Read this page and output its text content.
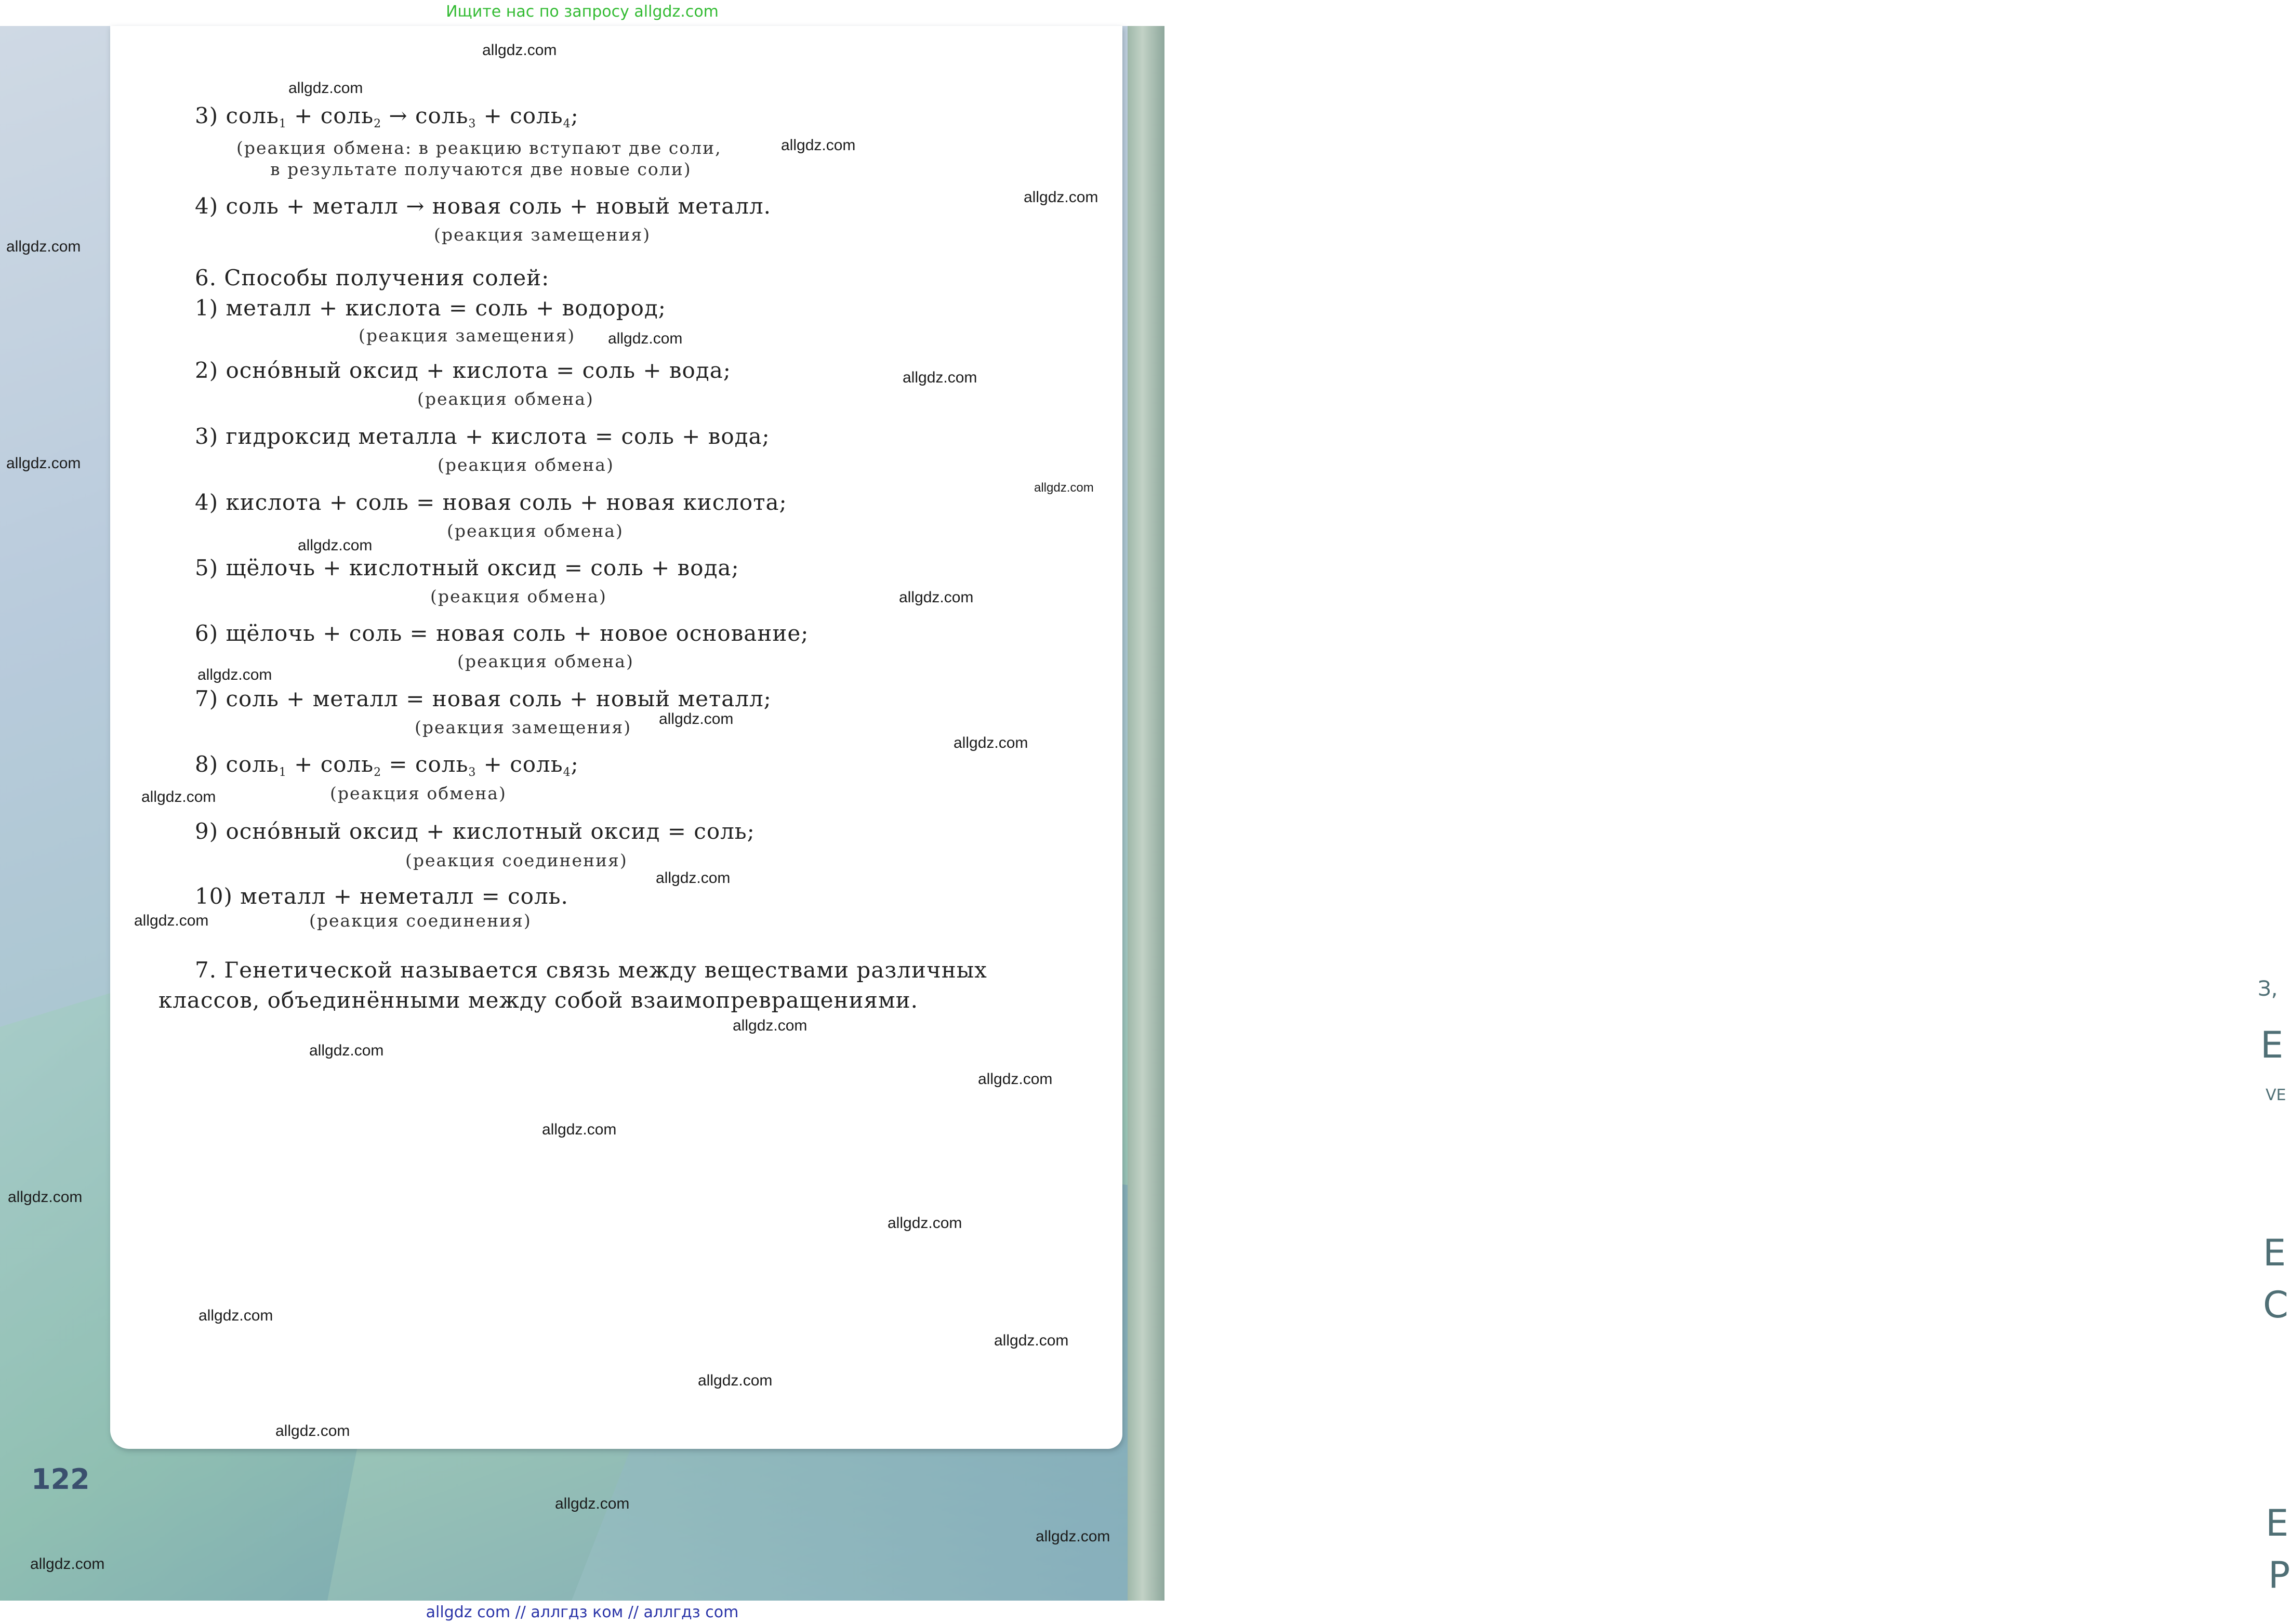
Ищите нас по запросу allgdz.com
З,
Е
VE
Е
С
Е
Р
3) соль$_1$ + соль$_2$ → соль$_3$ + соль$_4$;
(реакция обмена: в реакцию вступают две соли,
в результате получаются две новые соли)
4) соль + металл → новая соль + новый металл.
(реакция замещения)
6. Способы получения солей:
1) металл + кислота = соль + водород;
(реакция замещения)
2) осно́вный оксид + кислота = соль + вода;
(реакция обмена)
3) гидроксид металла + кислота = соль + вода;
(реакция обмена)
4) кислота + соль = новая соль + новая кислота;
(реакция обмена)
5) щёлочь + кислотный оксид = соль + вода;
(реакция обмена)
6) щёлочь + соль = новая соль + новое основание;
(реакция обмена)
7) соль + металл = новая соль + новый металл;
(реакция замещения)
8) соль$_1$ + соль$_2$ = соль$_3$ + соль$_4$;
(реакция обмена)
9) осно́вный оксид + кислотный оксид = соль;
(реакция соединения)
10) металл + неметалл = соль.
(реакция соединения)
7. Генетической называется связь между веществами различных
классов, объединёнными между собой взаимопревращениями.
122
allgdz.com
allgdz.com
allgdz.com
allgdz.com
allgdz.com
allgdz.com
allgdz.com
allgdz.com
allgdz.com
allgdz.com
allgdz.com
allgdz.com
allgdz.com
allgdz.com
allgdz.com
allgdz.com
allgdz.com
allgdz.com
allgdz.com
allgdz.com
allgdz.com
allgdz.com
allgdz.com
allgdz.com
allgdz.com
allgdz.com
allgdz.com
allgdz.com
allgdz.com
allgdz.com
allgdz com // аллгдз ком // аллгдз com
